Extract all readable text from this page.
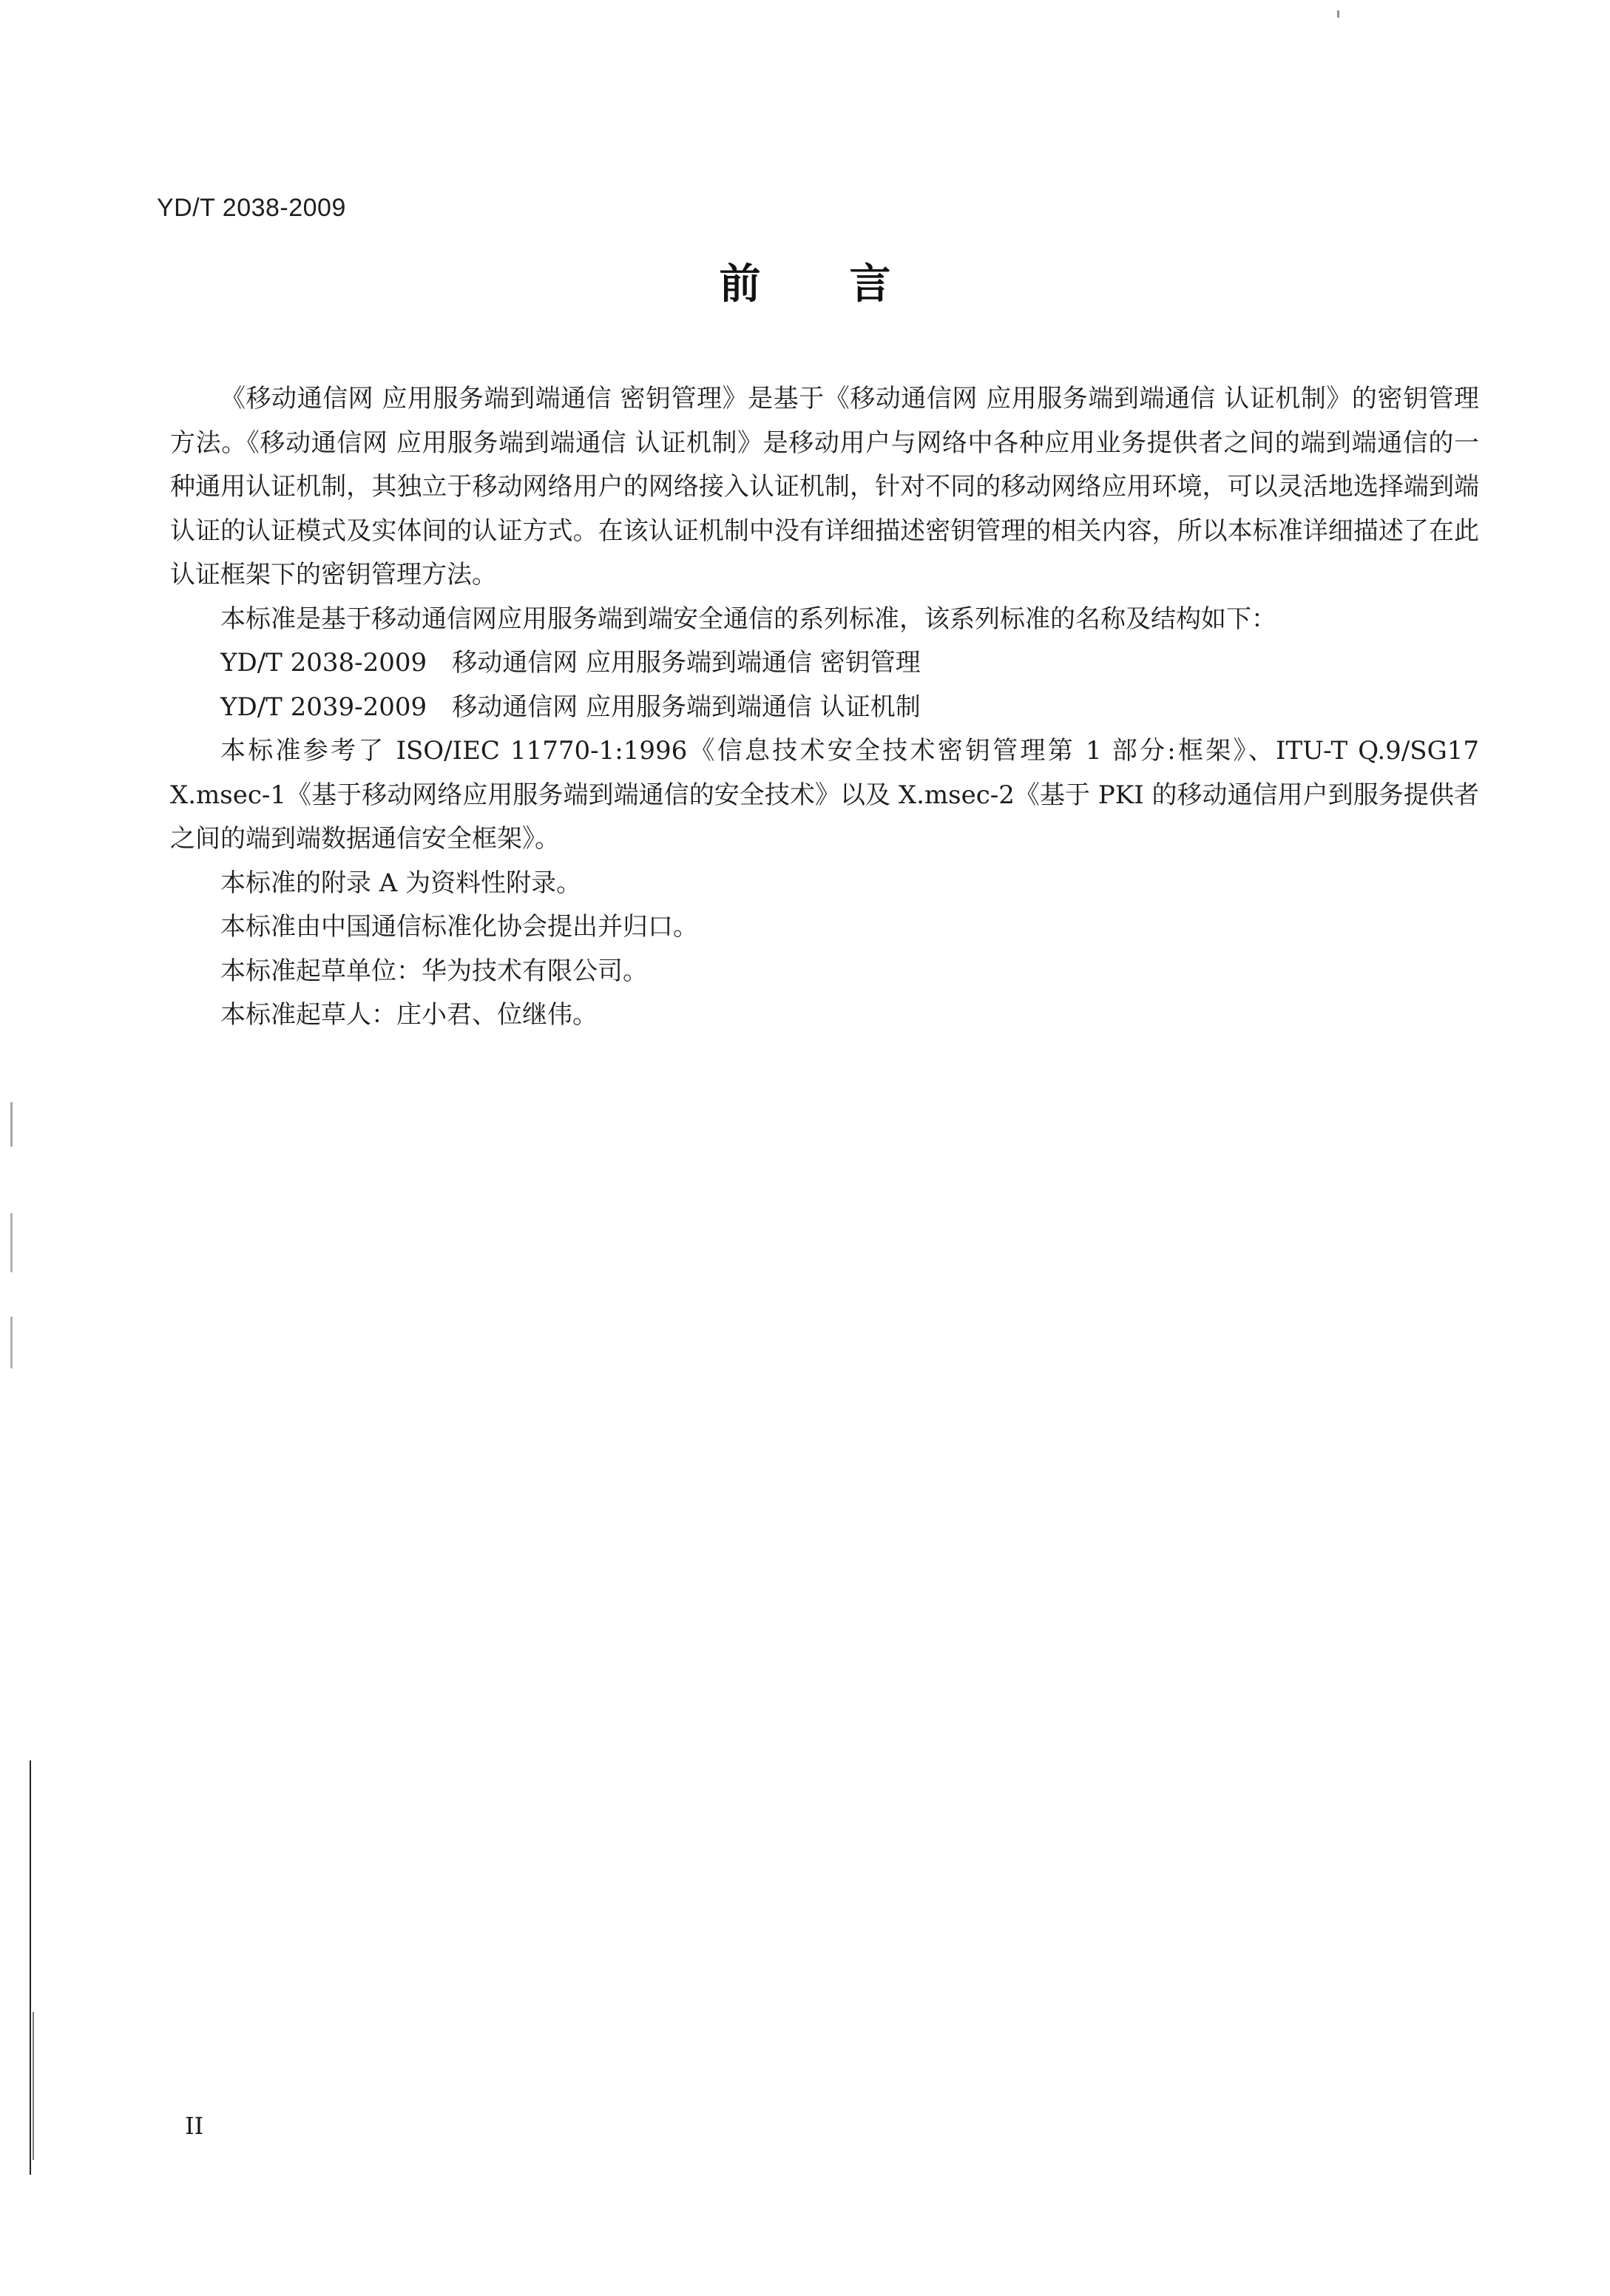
YD/T 2038-2009
前言

《移动通信网 应用服务端到端通信 密钥管理》是基于《移动通信网 应用服务端到端通信 认证机制》的密钥管理方法。《移动通信网 应用服务端到端通信 认证机制》是移动用户与网络中各种应用业务提供者之间的端到端通信的一种通用认证机制，其独立于移动网络用户的网络接入认证机制，针对不同的移动网络应用环境，可以灵活地选择端到端认证的认证模式及实体间的认证方式。在该认证机制中没有详细描述密钥管理的相关内容，所以本标准详细描述了在此认证框架下的密钥管理方法。

本标准是基于移动通信网应用服务端到端安全通信的系列标准，该系列标准的名称及结构如下：

YD/T 2038-2009　移动通信网 应用服务端到端通信 密钥管理

YD/T 2039-2009　移动通信网 应用服务端到端通信 认证机制

本标准参考了 ISO/IEC 11770-1:1996《信息技术安全技术密钥管理第 1 部分:框架》、ITU-T Q.9/SG17 X.msec-1《基于移动网络应用服务端到端通信的安全技术》以及 X.msec-2《基于 PKI 的移动通信用户到服务提供者之间的端到端数据通信安全框架》。

本标准的附录 A 为资料性附录。

本标准由中国通信标准化协会提出并归口。

本标准起草单位：华为技术有限公司。

本标准起草人：庄小君、位继伟。

II
